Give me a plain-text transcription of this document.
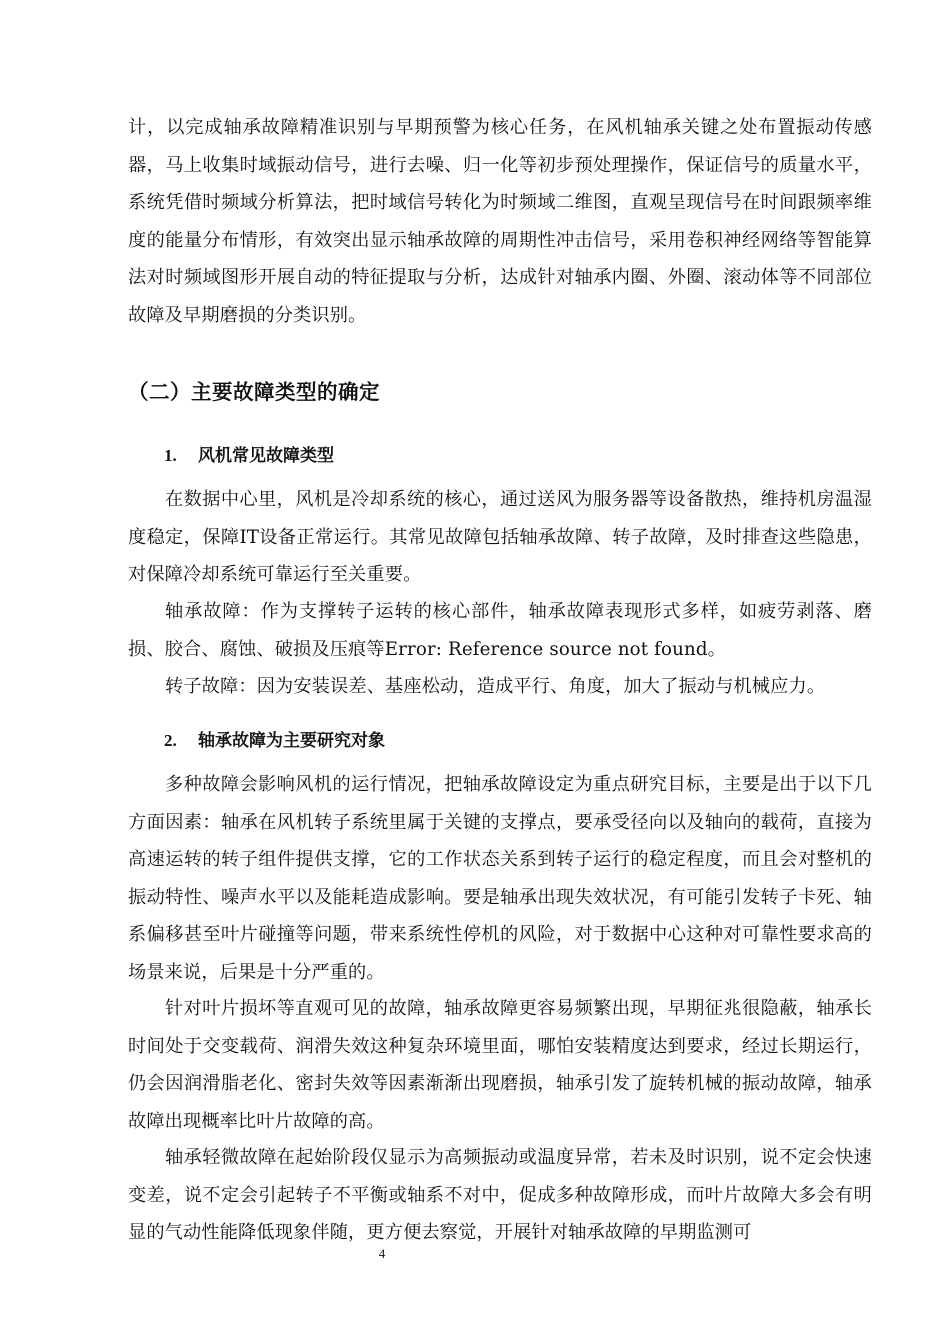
计，以完成轴承故障精准识别与早期预警为核心任务，在风机轴承关键之处布置振动传感器，马上收集时域振动信号，进行去噪、归一化等初步预处理操作，保证信号的质量水平，系统凭借时频域分析算法，把时域信号转化为时频域二维图，直观呈现信号在时间跟频率维度的能量分布情形，有效突出显示轴承故障的周期性冲击信号，采用卷积神经网络等智能算法对时频域图形开展自动的特征提取与分析，达成针对轴承内圈、外圈、滚动体等不同部位故障及早期磨损的分类识别。

（二）主要故障类型的确定
1. 风机常见故障类型

在数据中心里，风机是冷却系统的核心，通过送风为服务器等设备散热，维持机房温湿度稳定，保障IT设备正常运行。其常见故障包括轴承故障、转子故障，及时排查这些隐患，对保障冷却系统可靠运行至关重要。

轴承故障：作为支撑转子运转的核心部件，轴承故障表现形式多样，如疲劳剥落、磨损、胶合、腐蚀、破损及压痕等Error: Reference source not found。

转子故障：因为安装误差、基座松动，造成平行、角度，加大了振动与机械应力。

2. 轴承故障为主要研究对象

多种故障会影响风机的运行情况，把轴承故障设定为重点研究目标，主要是出于以下几方面因素：轴承在风机转子系统里属于关键的支撑点，要承受径向以及轴向的载荷，直接为高速运转的转子组件提供支撑，它的工作状态关系到转子运行的稳定程度，而且会对整机的振动特性、噪声水平以及能耗造成影响。要是轴承出现失效状况，有可能引发转子卡死、轴系偏移甚至叶片碰撞等问题，带来系统性停机的风险，对于数据中心这种对可靠性要求高的场景来说，后果是十分严重的。

针对叶片损坏等直观可见的故障，轴承故障更容易频繁出现，早期征兆很隐蔽，轴承长时间处于交变载荷、润滑失效这种复杂环境里面，哪怕安装精度达到要求，经过长期运行，仍会因润滑脂老化、密封失效等因素渐渐出现磨损，轴承引发了旋转机械的振动故障，轴承故障出现概率比叶片故障的高。

轴承轻微故障在起始阶段仅显示为高频振动或温度异常，若未及时识别，说不定会快速变差，说不定会引起转子不平衡或轴系不对中，促成多种故障形成，而叶片故障大多会有明显的气动性能降低现象伴随，更方便去察觉，开展针对轴承故障的早期监测可

4
